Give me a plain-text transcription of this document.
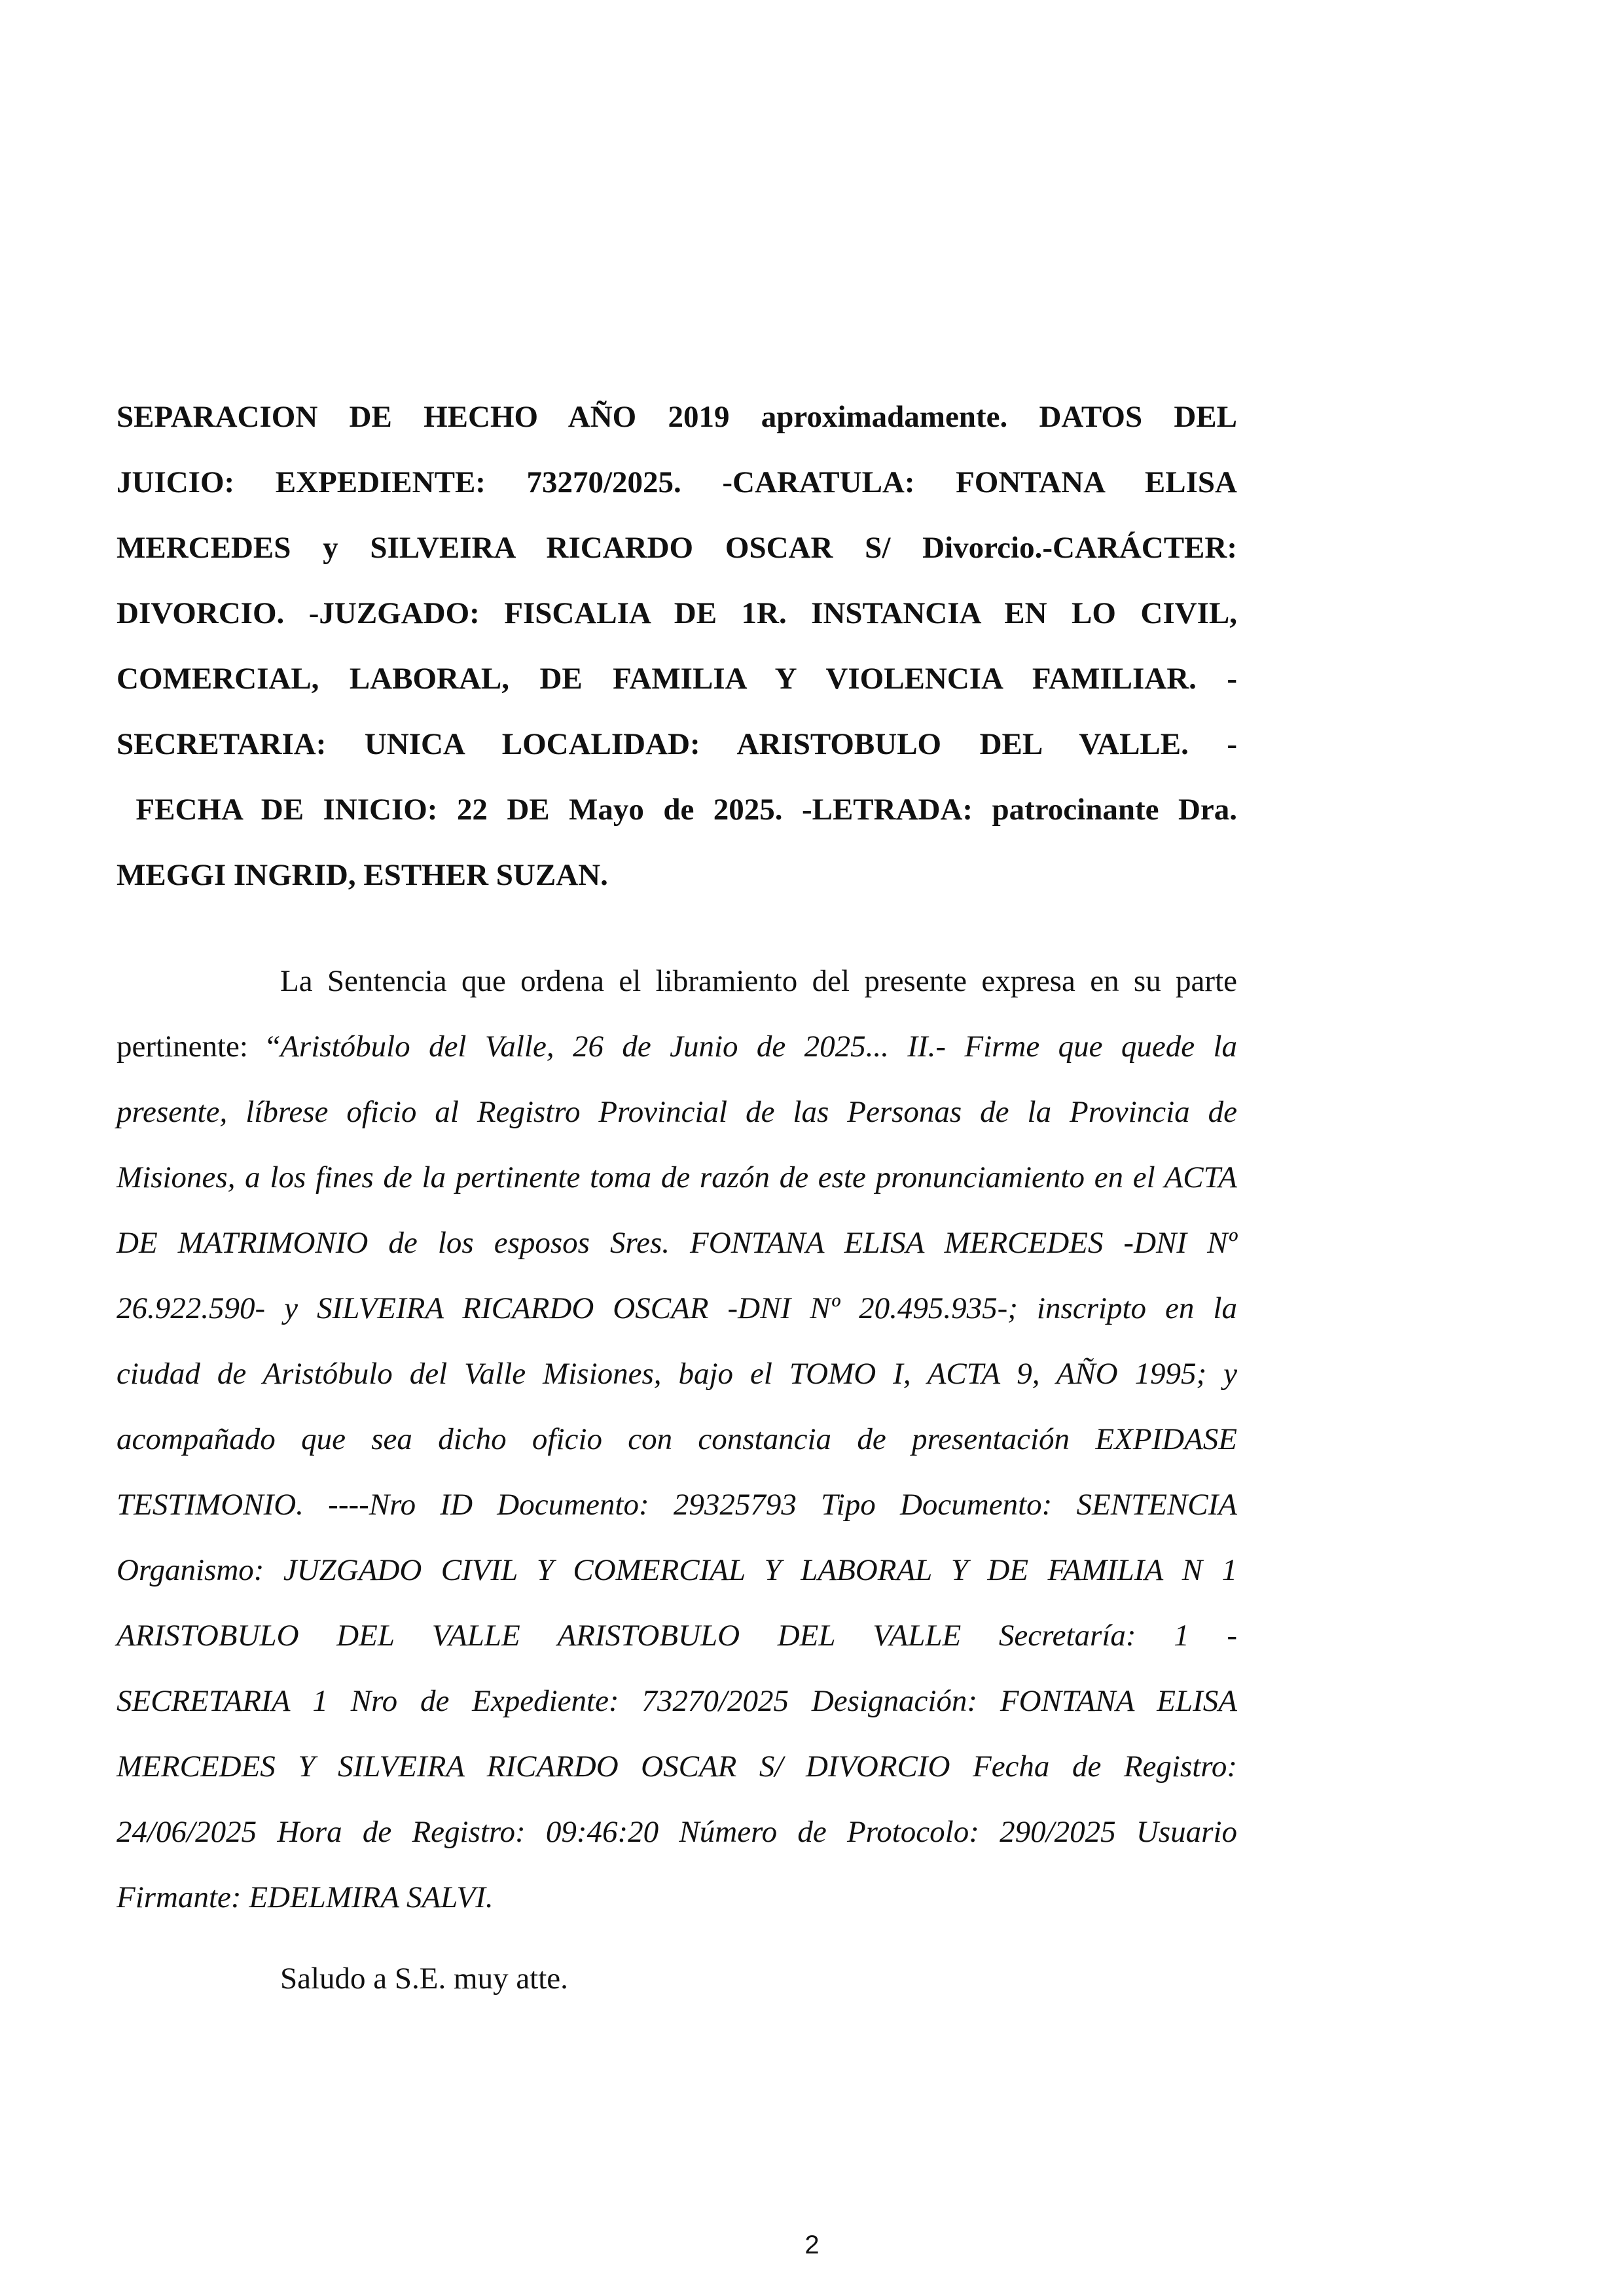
SEPARACION DE HECHO AÑO 2019 aproximadamente. DATOS DEL
JUICIO: EXPEDIENTE: 73270/2025. -CARATULA: FONTANA ELISA
MERCEDES y SILVEIRA RICARDO OSCAR S/ Divorcio.-CARÁCTER:
DIVORCIO. -JUZGADO: FISCALIA DE 1R. INSTANCIA EN LO CIVIL,
COMERCIAL, LABORAL, DE FAMILIA Y VIOLENCIA FAMILIAR. -
SECRETARIA: UNICA LOCALIDAD: ARISTOBULO DEL VALLE. -
FECHA DE INICIO: 22 DE Mayo de 2025. -LETRADA: patrocinante Dra.
MEGGI INGRID, ESTHER SUZAN.
La Sentencia que ordena el libramiento del presente expresa en su parte
pertinente: “Aristóbulo del Valle, 26 de Junio de 2025... II.- Firme que quede la
presente, líbrese oficio al Registro Provincial de las Personas de la Provincia de
Misiones, a los fines de la pertinente toma de razón de este pronunciamiento en el ACTA
DE MATRIMONIO de los esposos Sres. FONTANA ELISA MERCEDES -DNI Nº
26.922.590- y SILVEIRA RICARDO OSCAR -DNI Nº 20.495.935-; inscripto en la
ciudad de Aristóbulo del Valle Misiones, bajo el TOMO I, ACTA 9, AÑO 1995; y
acompañado que sea dicho oficio con constancia de presentación EXPIDASE
TESTIMONIO. ----Nro ID Documento: 29325793 Tipo Documento: SENTENCIA
Organismo: JUZGADO CIVIL Y COMERCIAL Y LABORAL Y DE FAMILIA N 1
ARISTOBULO DEL VALLE ARISTOBULO DEL VALLE Secretaría: 1 -
SECRETARIA 1 Nro de Expediente: 73270/2025 Designación: FONTANA ELISA
MERCEDES Y SILVEIRA RICARDO OSCAR S/ DIVORCIO Fecha de Registro:
24/06/2025 Hora de Registro: 09:46:20 Número de Protocolo: 290/2025 Usuario
Firmante: EDELMIRA SALVI.
Saludo a S.E. muy atte.
2
